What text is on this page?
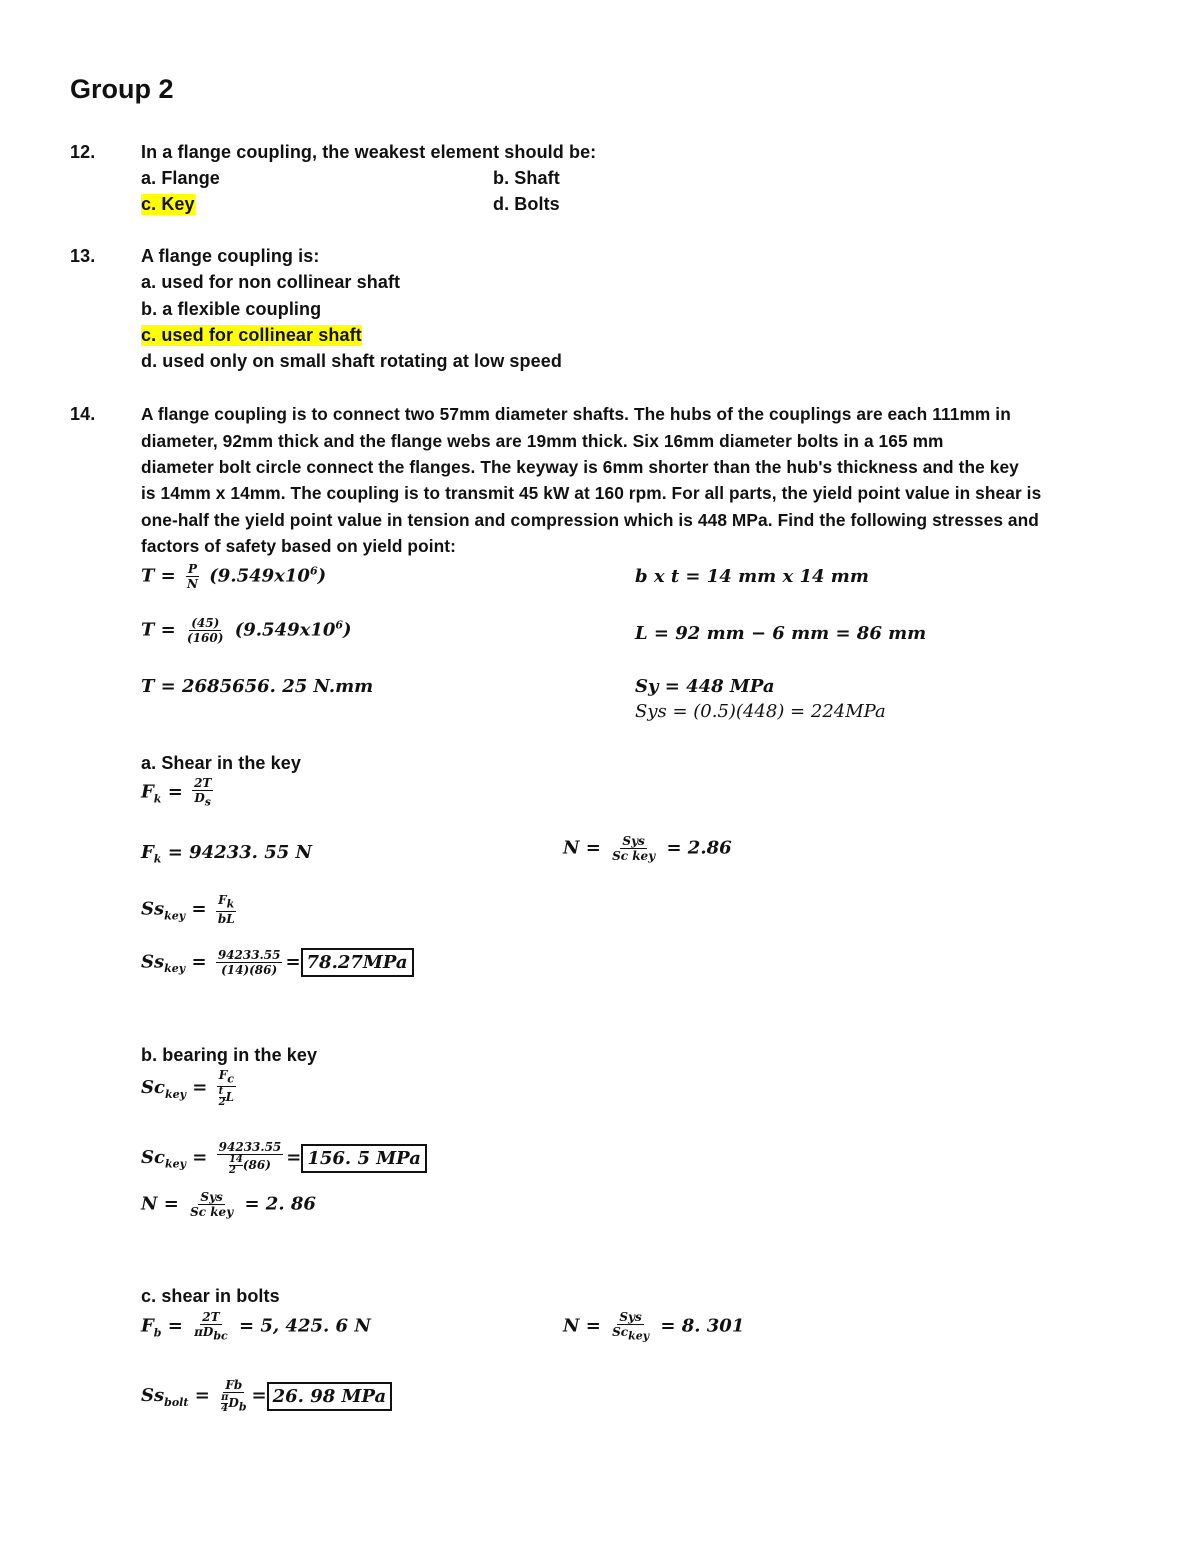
Group 2
12.	In a flange coupling, the weakest element should be:
a. Flange	b. Shaft
c. Key	d. Bolts
13.	A flange coupling is:
a. used for non collinear shaft
b. a flexible coupling
c. used for collinear shaft
d. used only on small shaft rotating at low speed
14.	A flange coupling is to connect two 57mm diameter shafts. The hubs of the couplings are each 111mm in
diameter, 92mm thick and the flange webs are 19mm thick. Six 16mm diameter bolts in a 165 mm
diameter bolt circle connect the flanges. The keyway is 6mm shorter than the hub's thickness and the key
is 14mm x 14mm. The coupling is to transmit 45 kW at 160 rpm. For all parts, the yield point value in shear is
one-half the yield point value in tension and compression which is 448 MPa. Find the following stresses and
factors of safety based on yield point:
$T = \frac{P}{N} (9.549x10^6)$	b x t = 14 mm x 14 mm
$T = \frac{(45)}{(160)} (9.549x10^6)$	L = 92 mm − 6 mm = 86 mm
T = 2685656. 25 N.mm	Sy = 448 MPa
Sys = (0.5)(448) = 224MPa
a. Shear in the key
$F_k = \frac{2T}{D_s}$
$F_k = 94233$. 55 N	$N = \frac{\text{Sys}}{\text{Sc key}} = 2.86$
$Ss_{key} = \frac{F_k}{bL}$
$Ss_{key} = \frac{94233.55}{(14)(86)} = 78.27MPa$
b. bearing in the key
$Sc_{key} = \frac{F_c}{\frac{t}{2} L}$
$Sc_{key} = \frac{94233.55}{\frac{14}{2} (86)} = 156$. 5 MPa
$N = \frac{\text{Sys}}{\text{Sc key}} = 2$. 86
c. shear in bolts
$F_b = \frac{2T}{\pi D_{bc}} = 5$, 425. 6 N	$N = \frac{\text{Sys}}{Sc_{key}} = 8$. 301
$Ss_{bolt} = \frac{Fb}{\frac{\pi}{4} D_b} = 26$. 98 MPa
